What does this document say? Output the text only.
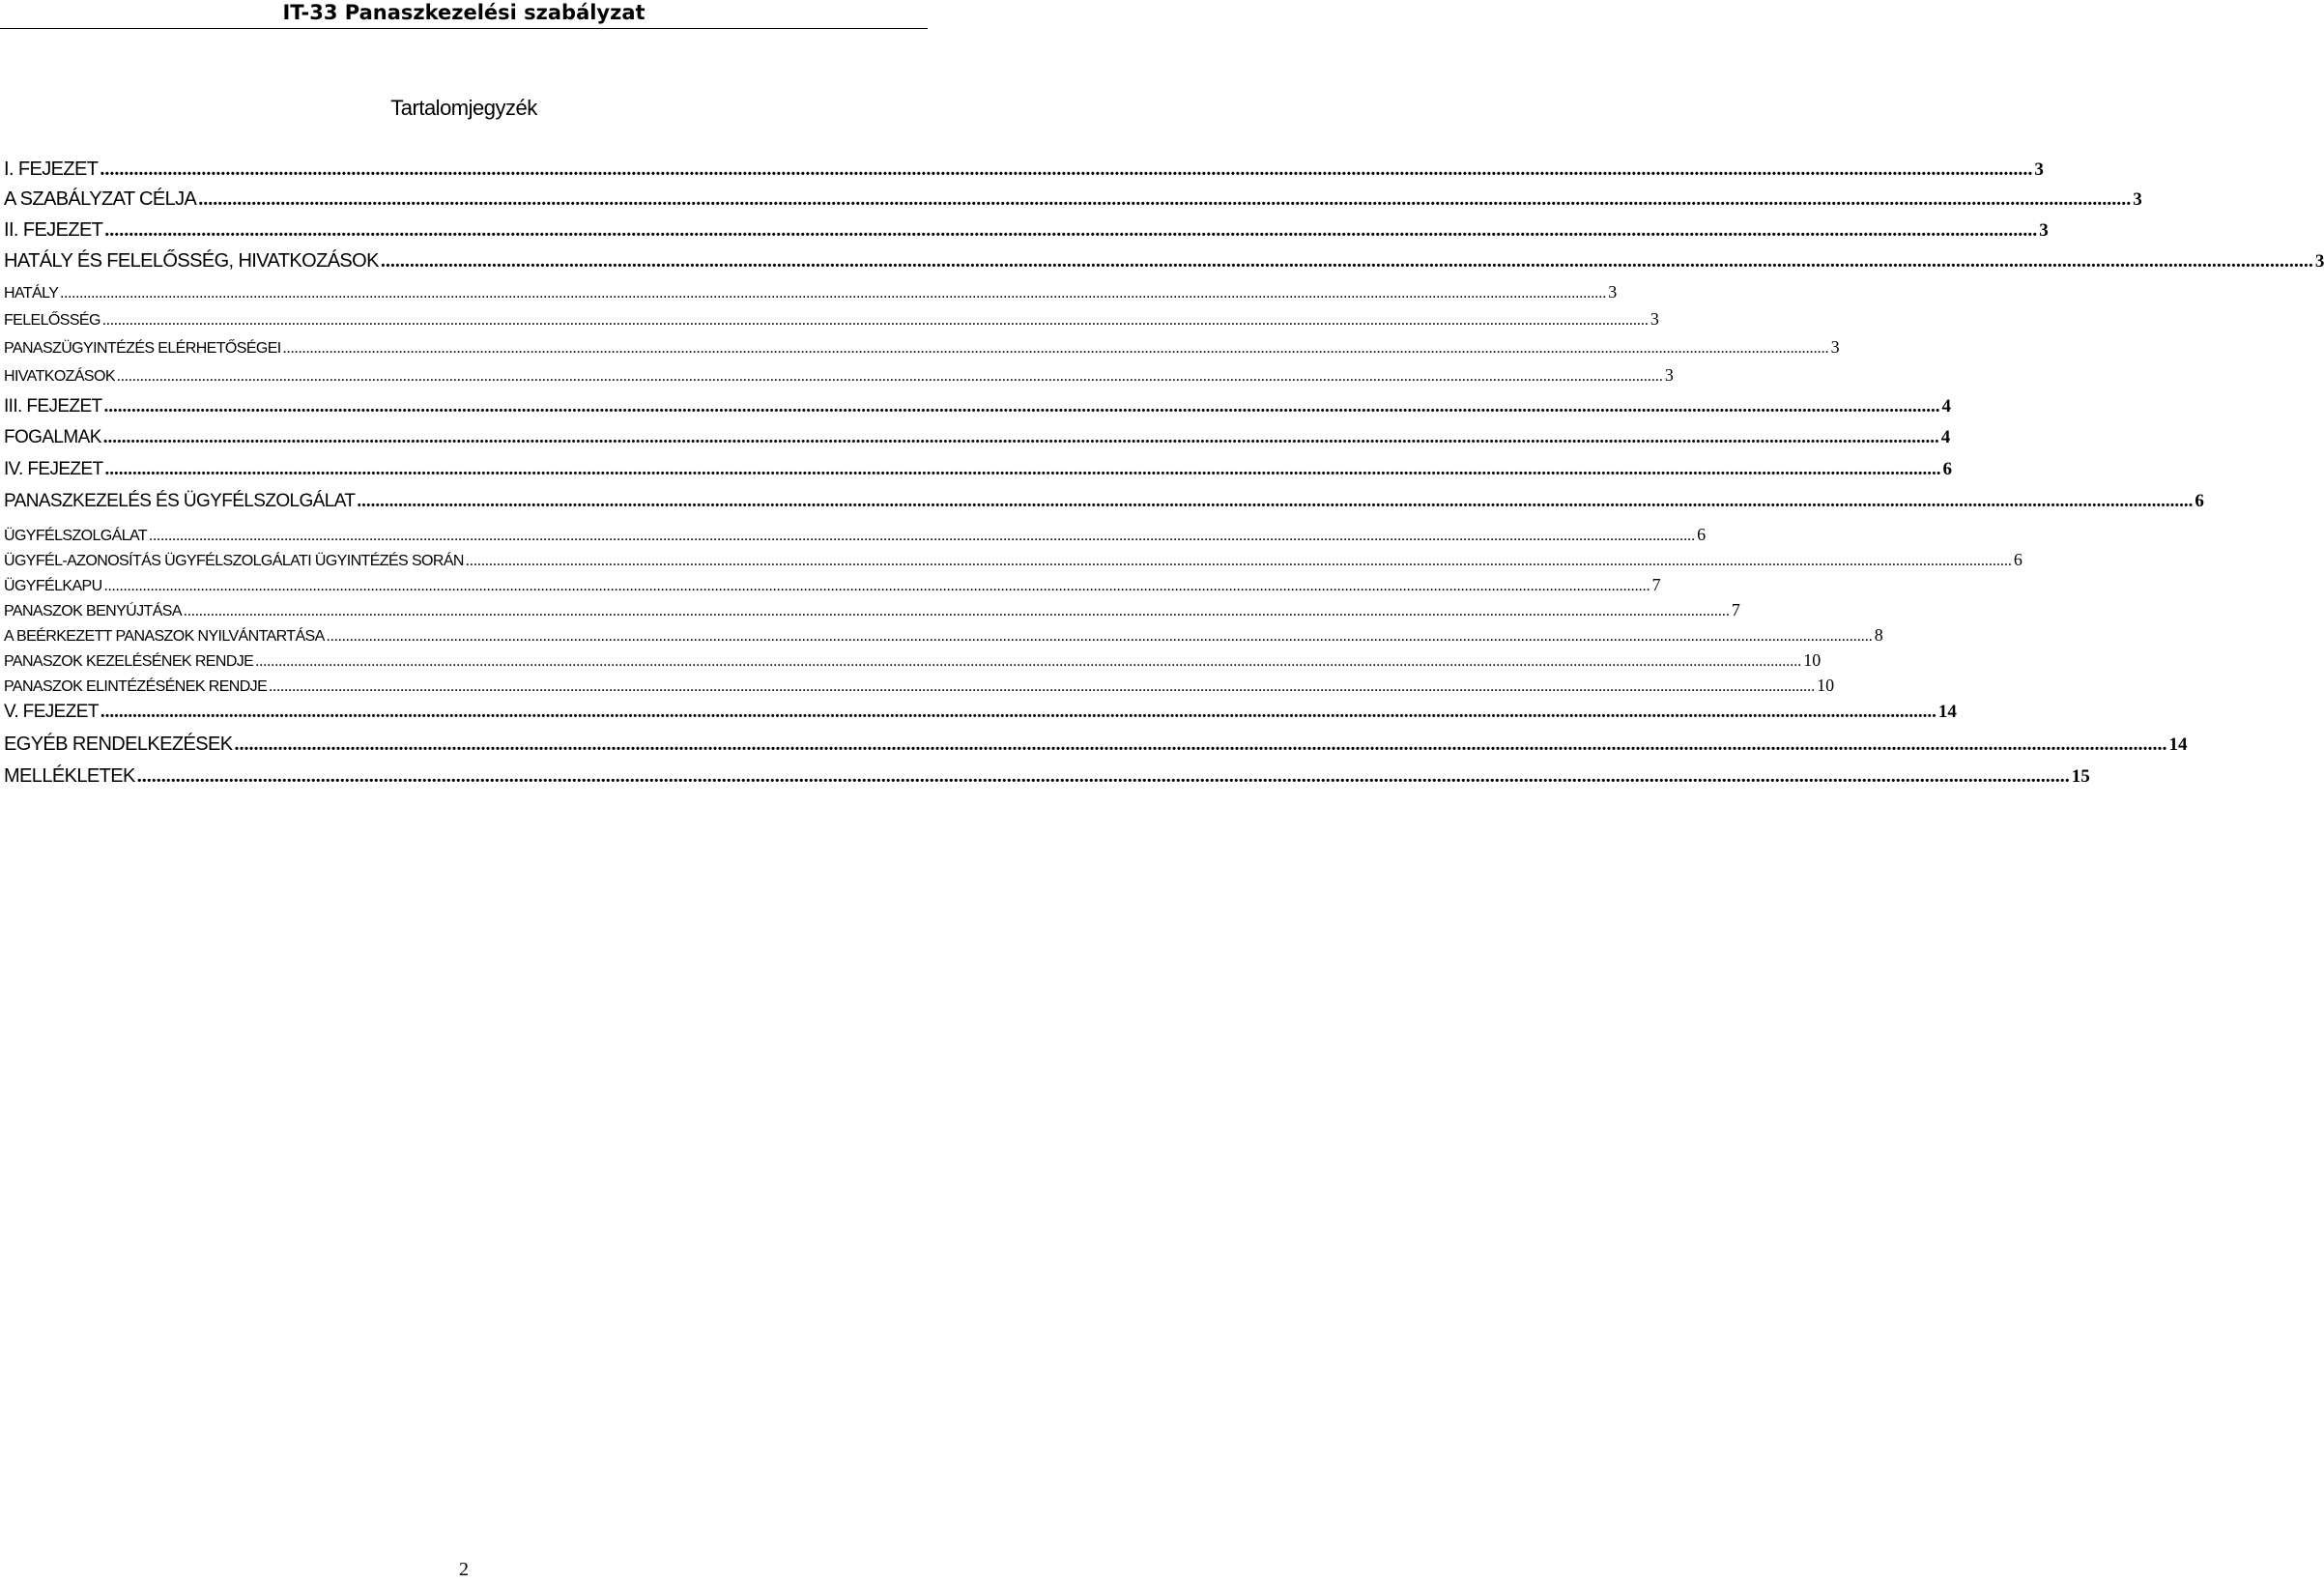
IT-33 Panaszkezelési szabályzat
Tartalomjegyzék
I. FEJEZET ................................................................................................................................................................................................................................................................................................................................................................................................................ 3
A SZABÁLYZAT CÉLJA ................................................................................................................................................................................................................................................................................................................................................................................................................ 3
II. FEJEZET ................................................................................................................................................................................................................................................................................................................................................................................................................ 3
HATÁLY ÉS FELELŐSSÉG, HIVATKOZÁSOK ................................................................................................................................................................................................................................................................................................................................................................................................................ 3
HATÁLY ................................................................................................................................................................................................................................................................................................................................................................................................................ 3
FELELŐSSÉG ................................................................................................................................................................................................................................................................................................................................................................................................................ 3
PANASZÜGYINTÉZÉS ELÉRHETŐSÉGEI ................................................................................................................................................................................................................................................................................................................................................................................................................ 3
HIVATKOZÁSOK ................................................................................................................................................................................................................................................................................................................................................................................................................ 3
III. FEJEZET ................................................................................................................................................................................................................................................................................................................................................................................................................ 4
FOGALMAK ................................................................................................................................................................................................................................................................................................................................................................................................................ 4
IV. FEJEZET ................................................................................................................................................................................................................................................................................................................................................................................................................ 6
PANASZKEZELÉS ÉS ÜGYFÉLSZOLGÁLAT ................................................................................................................................................................................................................................................................................................................................................................................................................ 6
ÜGYFÉLSZOLGÁLAT ................................................................................................................................................................................................................................................................................................................................................................................................................ 6
ÜGYFÉL-AZONOSÍTÁS ÜGYFÉLSZOLGÁLATI ÜGYINTÉZÉS SORÁN ................................................................................................................................................................................................................................................................................................................................................................................................................ 6
ÜGYFÉLKAPU ................................................................................................................................................................................................................................................................................................................................................................................................................ 7
PANASZOK BENYÚJTÁSA ................................................................................................................................................................................................................................................................................................................................................................................................................ 7
A BEÉRKEZETT PANASZOK NYILVÁNTARTÁSA ................................................................................................................................................................................................................................................................................................................................................................................................................ 8
PANASZOK KEZELÉSÉNEK RENDJE ................................................................................................................................................................................................................................................................................................................................................................................................................ 10
PANASZOK ELINTÉZÉSÉNEK RENDJE ................................................................................................................................................................................................................................................................................................................................................................................................................ 10
V. FEJEZET ................................................................................................................................................................................................................................................................................................................................................................................................................ 14
EGYÉB RENDELKEZÉSEK ................................................................................................................................................................................................................................................................................................................................................................................................................ 14
MELLÉKLETEK ................................................................................................................................................................................................................................................................................................................................................................................................................ 15
2
